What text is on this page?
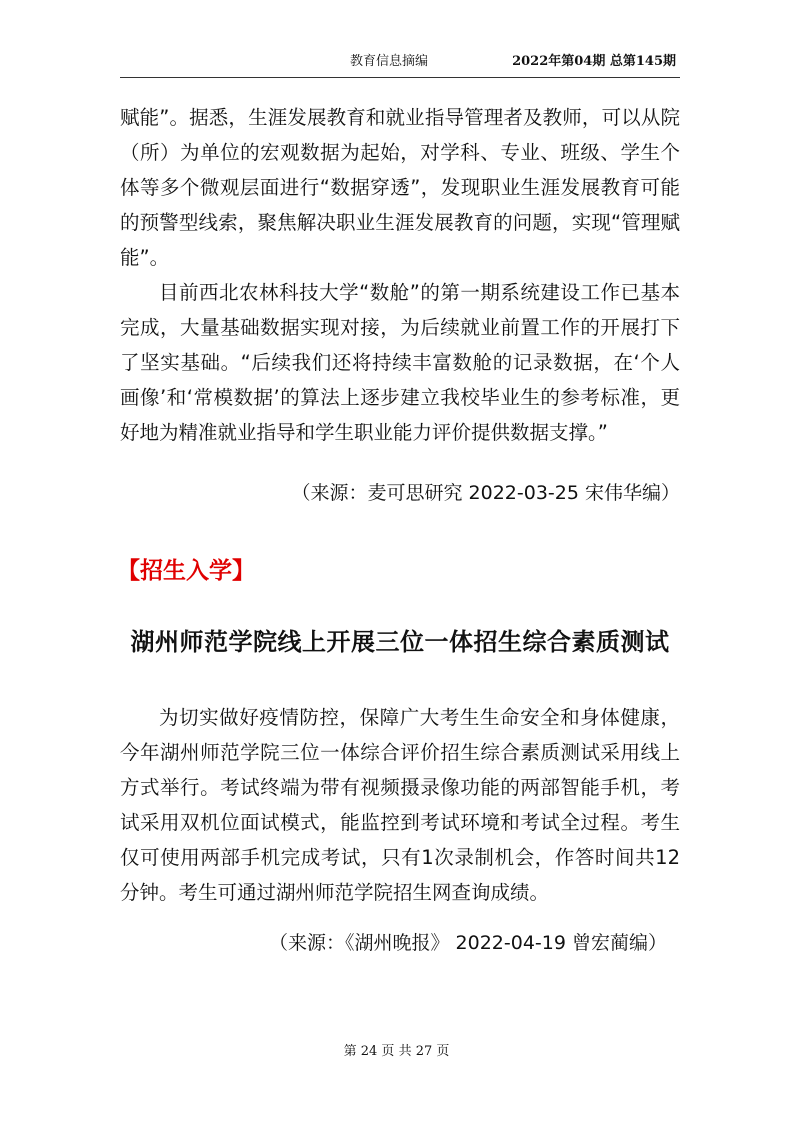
教育信息摘编	2022年第04期 总第145期

赋能”。据悉，生涯发展教育和就业指导管理者及教师，可以从院（所）为单位的宏观数据为起始，对学科、专业、班级、学生个体等多个微观层面进行“数据穿透”，发现职业生涯发展教育可能的预警型线索，聚焦解决职业生涯发展教育的问题，实现“管理赋能”。

目前西北农林科技大学“数舱”的第一期系统建设工作已基本完成，大量基础数据实现对接，为后续就业前置工作的开展打下了坚实基础。“后续我们还将持续丰富数舱的记录数据，在‘个人画像’和‘常模数据’的算法上逐步建立我校毕业生的参考标准，更好地为精准就业指导和学生职业能力评价提供数据支撑。”

（来源：麦可思研究 2022-03-25 宋伟华编）
【招生入学】
湖州师范学院线上开展三位一体招生综合素质测试

为切实做好疫情防控，保障广大考生生命安全和身体健康，今年湖州师范学院三位一体综合评价招生综合素质测试采用线上方式举行。考试终端为带有视频摄录像功能的两部智能手机，考试采用双机位面试模式，能监控到考试环境和考试全过程。考生仅可使用两部手机完成考试，只有1次录制机会，作答时间共12分钟。考生可通过湖州师范学院招生网查询成绩。

（来源：《湖州晚报》 2022-04-19 曾宏蔺编）
第 24 页 共 27 页
